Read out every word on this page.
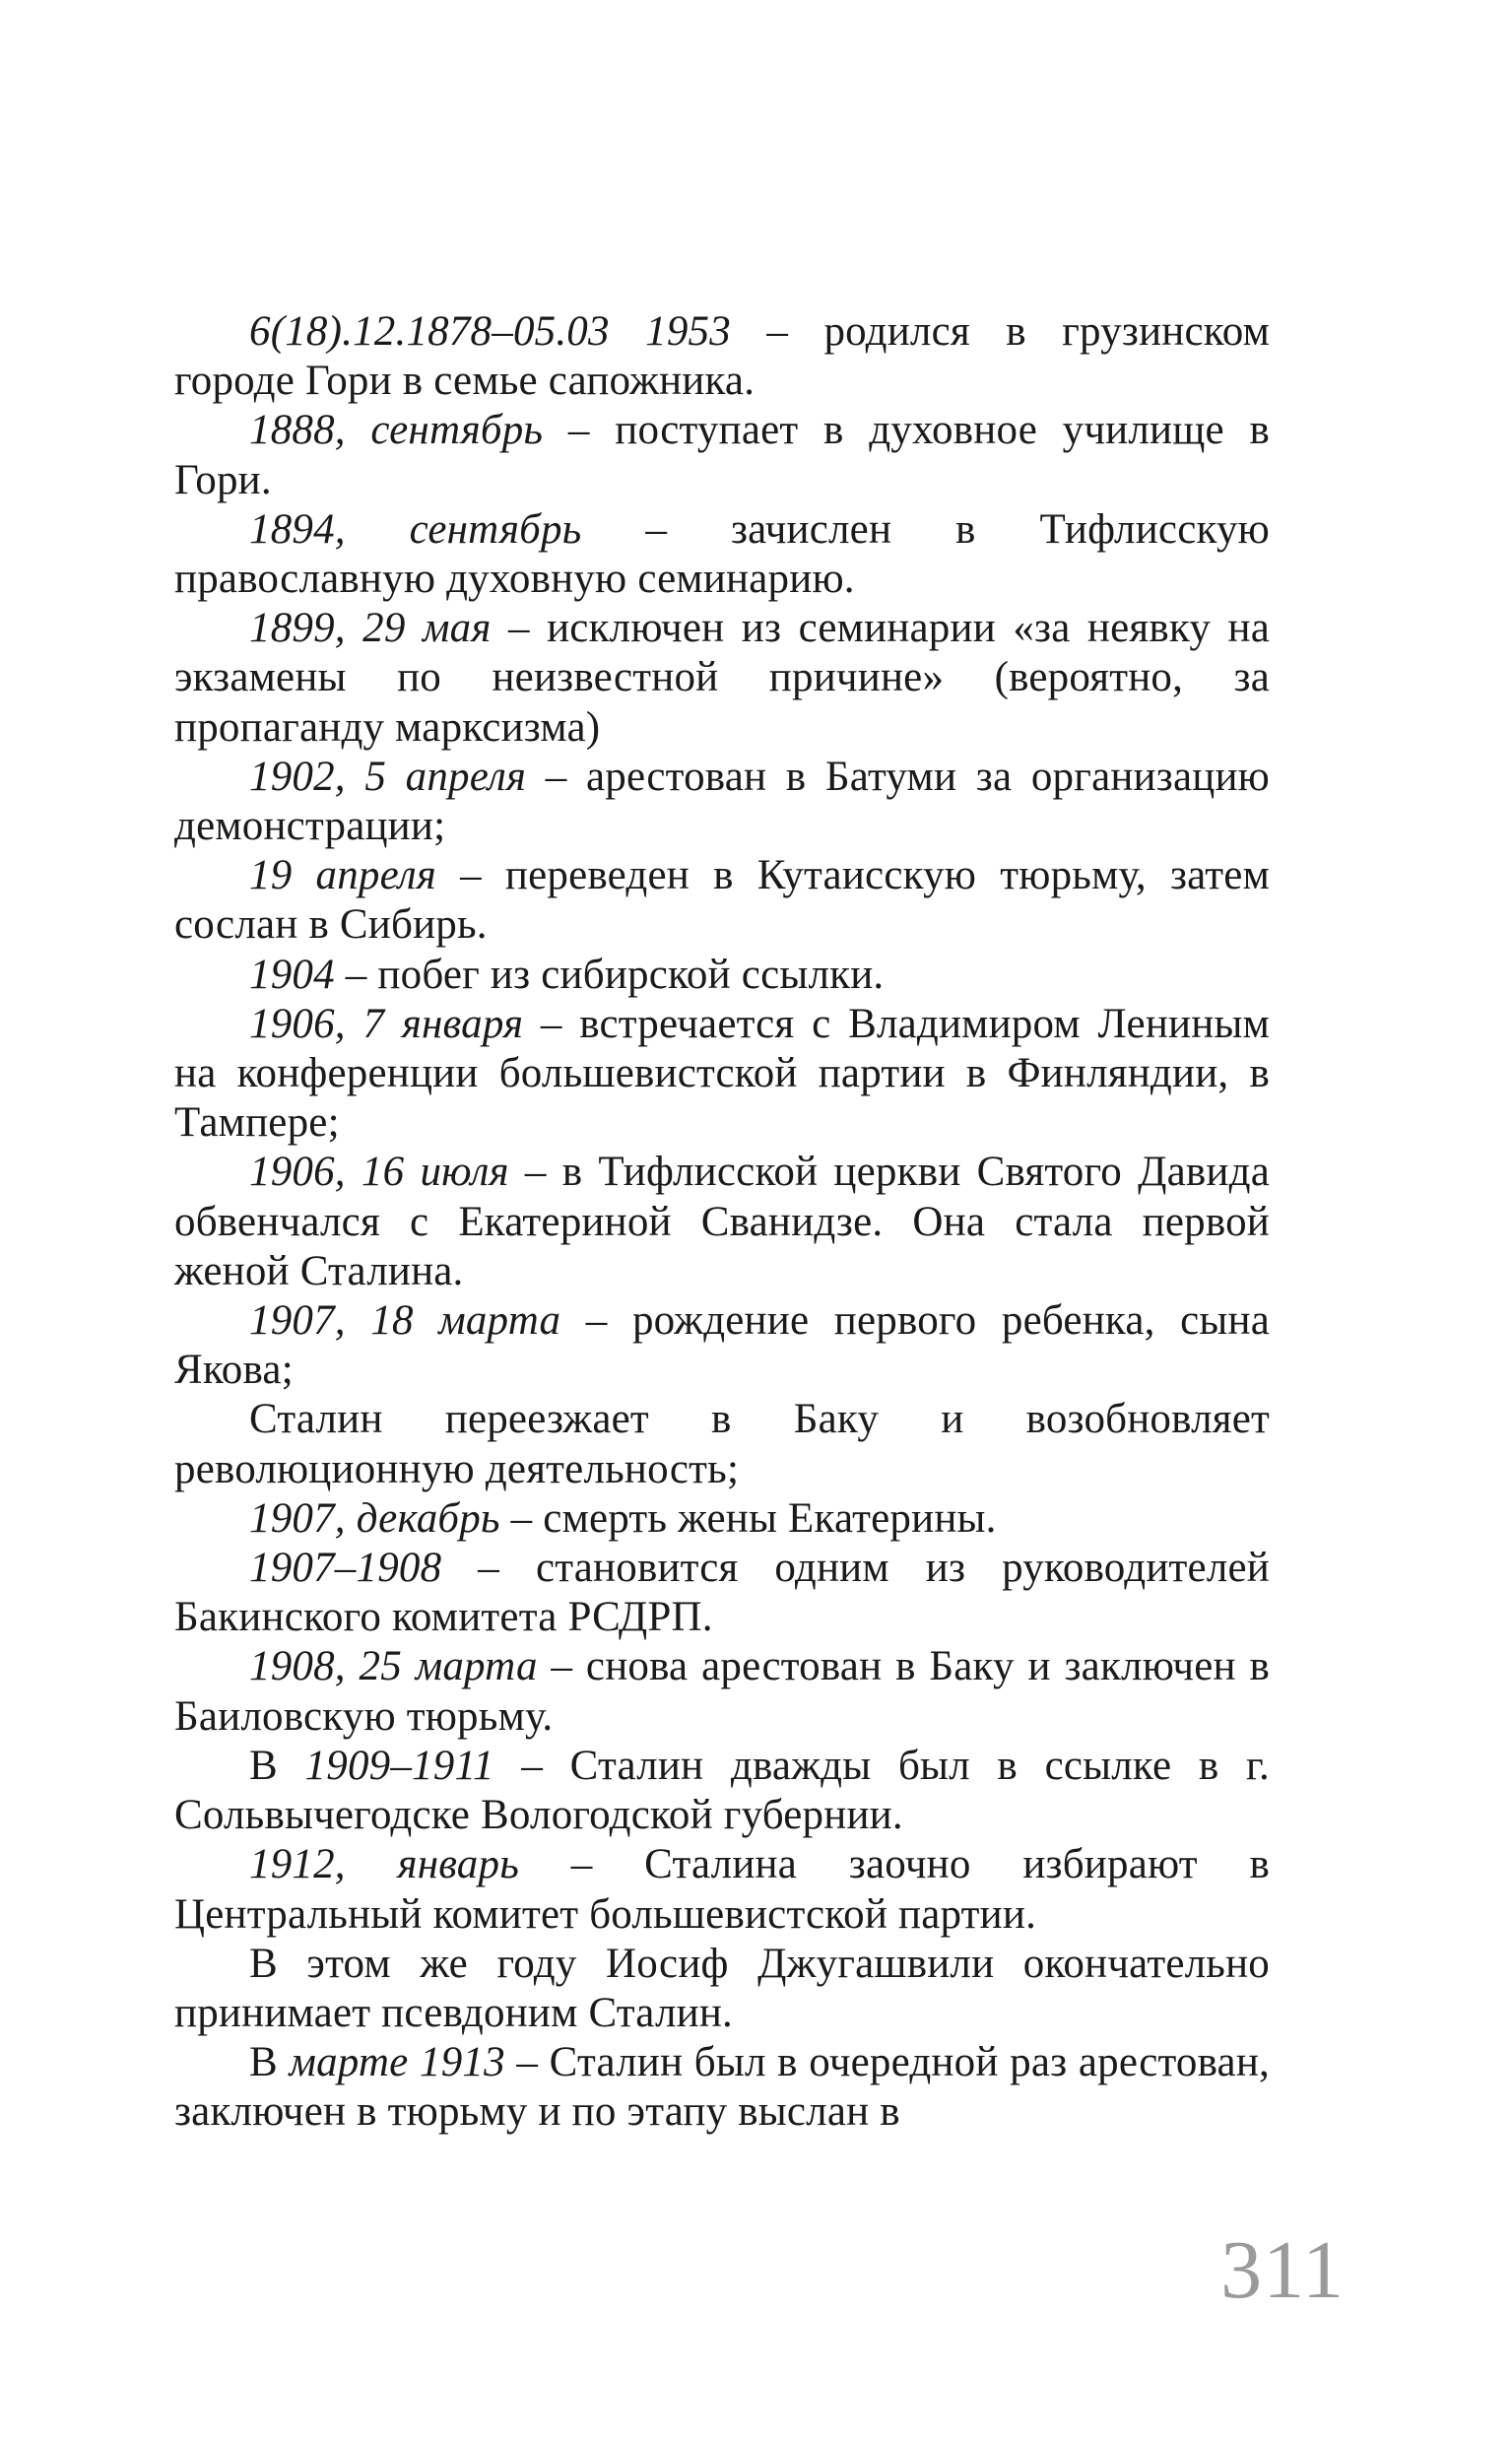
6(18).12.1878–05.03 1953 – родился в грузинском городе Гори в семье сапожника.

1888, сентябрь – поступает в духовное училище в Гори.

1894, сентябрь – зачислен в Тифлисскую православную духовную семинарию.

1899, 29 мая – исключен из семинарии «за неявку на экзамены по неизвестной причине» (вероятно, за пропаганду марксизма)

1902, 5 апреля – арестован в Батуми за организацию демонстрации;

19 апреля – переведен в Кутаисскую тюрьму, затем сослан в Сибирь.

1904 – побег из сибирской ссылки.

1906, 7 января – встречается с Владимиром Лениным на конференции большевистской партии в Финляндии, в Тампере;

1906, 16 июля – в Тифлисской церкви Святого Давида обвенчался с Екатериной Сванидзе. Она стала первой женой Сталина.

1907, 18 марта – рождение первого ребенка, сына Якова;

Сталин переезжает в Баку и возобновляет революционную деятельность;

1907, декабрь – смерть жены Екатерины.

1907–1908 – становится одним из руководителей Бакинского комитета РСДРП.

1908, 25 марта – снова арестован в Баку и заключен в Баиловскую тюрьму.

В 1909–1911 – Сталин дважды был в ссылке в г. Сольвычегодске Вологодской губернии.

1912, январь – Сталина заочно избирают в Центральный комитет большевистской партии.

В этом же году Иосиф Джугашвили окончательно принимает псевдоним Сталин.

В марте 1913 – Сталин был в очередной раз арестован, заключен в тюрьму и по этапу выслан в

311
